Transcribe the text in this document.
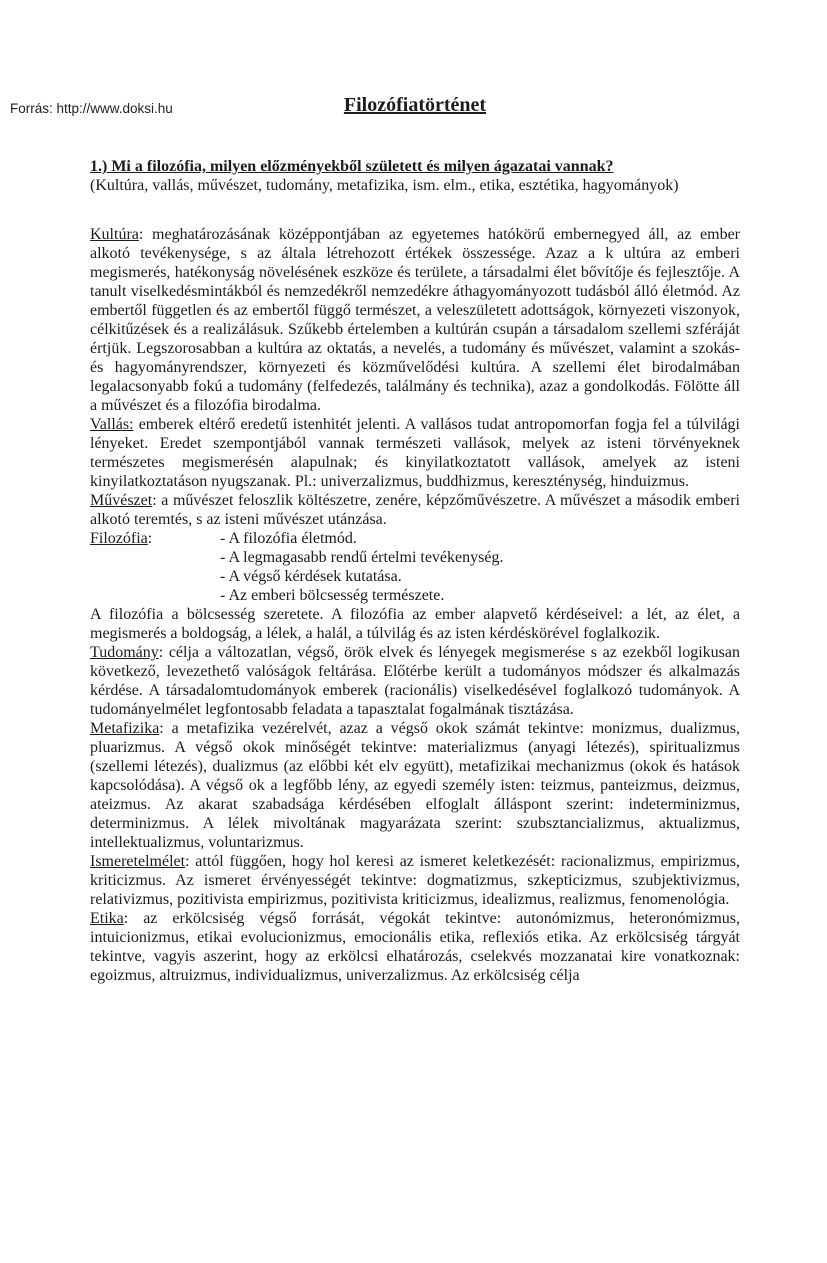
Forrás: http://www.doksi.hu	Filozófiatörténet
1.) Mi a filozófia, milyen előzményekből született és milyen ágazatai vannak?
(Kultúra, vallás, művészet, tudomány, metafizika, ism. elm., etika, esztétika, hagyományok)

Kultúra: meghatározásának középpontjában az egyetemes hatókörű embernegyed áll, az ember alkotó tevékenysége, s az általa létrehozott értékek összessége. Azaz a k ultúra az emberi megismerés, hatékonyság növelésének eszköze és területe, a társadalmi élet bővítője és fejlesztője. A tanult viselkedésmintákból és nemzedékről nemzedékre áthagyományozott tudásból álló életmód. Az embertől független és az embertől függő természet, a veleszületett adottságok, környezeti viszonyok, célkitűzések és a realizálásuk. Szűkebb értelemben a kultúrán csupán a társadalom szellemi szféráját értjük. Legszorosabban a kultúra az oktatás, a nevelés, a tudomány és művészet, valamint a szokás- és hagyományrendszer, környezeti és közművelődési kultúra. A szellemi élet birodalmában legalacsonyabb fokú a tudomány (felfedezés, találmány és technika), azaz a gondolkodás. Fölötte áll a művészet és a filozófia birodalma.

Vallás: emberek eltérő eredetű istenhitét jelenti. A vallásos tudat antropomorfan fogja fel a túlvilági lényeket. Eredet szempontjából vannak természeti vallások, melyek az isteni törvényeknek természetes megismerésén alapulnak; és kinyilatkoztatott vallások, amelyek az isteni kinyilatkoztatáson nyugszanak. Pl.: univerzalizmus, buddhizmus, kereszténység, hinduizmus.

Művészet: a művészet feloszlik költészetre, zenére, képzőművészetre. A művészet a második emberi alkotó teremtés, s az isteni művészet utánzása.

Filozófia:	- A filozófia életmód.
- A legmagasabb rendű értelmi tevékenység.
- A végső kérdések kutatása.
- Az emberi bölcsesség természete.

A filozófia a bölcsesség szeretete. A filozófia az ember alapvető kérdéseivel: a lét, az élet, a megismerés a boldogság, a lélek, a halál, a túlvilág és az isten kérdéskörével foglalkozik.

Tudomány: célja a változatlan, végső, örök elvek és lényegek megismerése s az ezekből logikusan következő, levezethető valóságok feltárása. Előtérbe került a tudományos módszer és alkalmazás kérdése. A társadalomtudományok emberek (racionális) viselkedésével foglalkozó tudományok. A tudományelmélet legfontosabb feladata a tapasztalat fogalmának tisztázása.

Metafizika: a metafizika vezérelvét, azaz a végső okok számát tekintve: monizmus, dualizmus, pluarizmus. A végső okok minőségét tekintve: materializmus (anyagi létezés), spiritualizmus (szellemi létezés), dualizmus (az előbbi két elv együtt), metafizikai mechanizmus (okok és hatások kapcsolódása). A végső ok a legfőbb lény, az egyedi személy isten: teizmus, panteizmus, deizmus, ateizmus. Az akarat szabadsága kérdésében elfoglalt álláspont szerint: indeterminizmus, determinizmus. A lélek mivoltának magyarázata szerint: szubsztancializmus, aktualizmus, intellektualizmus, voluntarizmus.

Ismeretelmélet: attól függően, hogy hol keresi az ismeret keletkezését: racionalizmus, empirizmus, kriticizmus. Az ismeret érvényességét tekintve: dogmatizmus, szkepticizmus, szubjektivizmus, relativizmus, pozitivista empirizmus, pozitivista kriticizmus, idealizmus, realizmus, fenomenológia.

Etika: az erkölcsiség végső forrását, végokát tekintve: autonómizmus, heteronómizmus, intuicionizmus, etikai evolucionizmus, emocionális etika, reflexiós etika. Az erkölcsiség tárgyát tekintve, vagyis aszerint, hogy az erkölcsi elhatározás, cselekvés mozzanatai kire vonatkoznak: egoizmus, altruizmus, individualizmus, univerzalizmus. Az erkölcsiség célja
